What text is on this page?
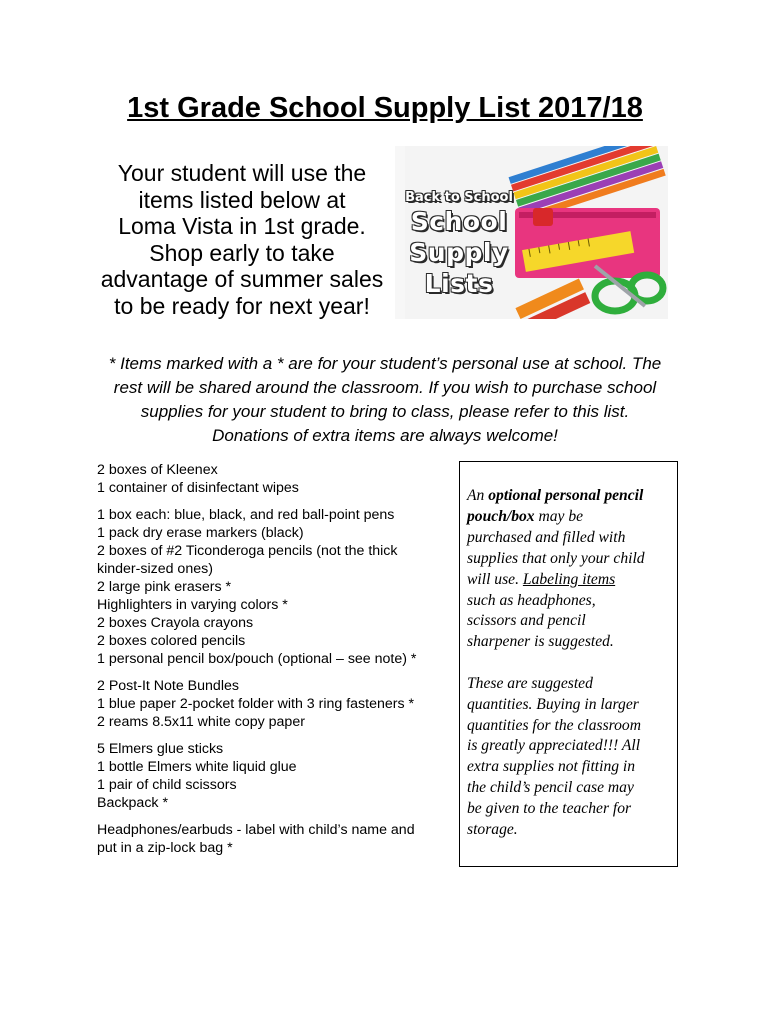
1st Grade School Supply List 2017/18
Your student will use the
items listed below at
Loma Vista in 1st grade.
Shop early to take
advantage of summer sales
to be ready for next year!
Back to School
School
Supply
Lists
* Items marked with a * are for your student’s personal use at school. The
rest will be shared around the classroom. If you wish to purchase school
supplies for your student to bring to class, please refer to this list.
Donations of extra items are always welcome!
2 boxes of Kleenex
1 container of disinfectant wipes
1 box each: blue, black, and red ball-point pens
1 pack dry erase markers (black)
2 boxes of #2 Ticonderoga pencils (not the thick
kinder-sized ones)
2 large pink erasers *
Highlighters in varying colors *
2 boxes Crayola crayons
2 boxes colored pencils
1 personal pencil box/pouch (optional – see note) *
2 Post-It Note Bundles
1 blue paper 2-pocket folder with 3 ring fasteners *
2 reams 8.5x11 white copy paper
5 Elmers glue sticks
1 bottle Elmers white liquid glue
1 pair of child scissors
Backpack *
Headphones/earbuds - label with child’s name and
put in a zip-lock bag *
An optional personal pencil
pouch/box may be
purchased and filled with
supplies that only your child
will use. Labeling items
such as headphones,
scissors and pencil
sharpener is suggested.
These are suggested
quantities. Buying in larger
quantities for the classroom
is greatly appreciated!!! All
extra supplies not fitting in
the child’s pencil case may
be given to the teacher for
storage.
